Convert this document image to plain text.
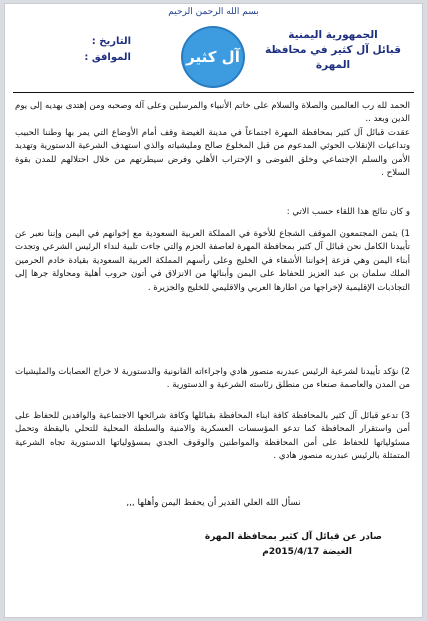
بسم الله الرحمن الرحيم
الجمهورية اليمنية
قبائل آل كثير في محافظة المهرة
آل كثير
التاريخ :
الموافق :
الحمد لله رب العالمين والصلاة والسلام على خاتم الأنبياء والمرسلين وعلى آله وصحبه ومن إهتدى بهديه إلى يوم الدين وبعد ..
عقدت قبائل آل كثير بمحافظة المهرة اجتماعاً في مدينة الغيضة وقف أمام الأوضاع التي يمر بها وطننا الحبيب وتداعيات الإنقلاب الحوثي المدعوم من قبل المخلوع صالح ومليشياته والذي استهدف الشرعية الدستورية وتهديد الأمن والسلم الإجتماعي وخلق الفوضى و الإحتراب الأهلي وفرض سيطرتهم من خلال احتلالهم للمدن بقوة السلاح .
و كان نتائج هذا اللقاء حسب الاتي :
1) يثمن المجتمعون الموقف الشجاع للأخوة في المملكة العربية السعودية مع إخوانهم في اليمن وإننا نعبر عن تأييدنا الكامل نحن قبائل آل كثير بمحافظة المهرة لعاصفة الحزم والتي جاءت تلبية لنداء الرئيس الشرعي وتجدت أبناء اليمن وهي فزعة إخواننا الأشقاء في الخليج وعلى رأسهم المملكة العربية السعودية بقيادة خادم الحرمين الملك سلمان بن عبد العزيز للحفاظ على اليمن وأبنائها من الانزلاق في أتون حروب أهلية ومحاولة جرها إلى التجاذبات الإقليمية لإخراجها من اطارها العربي والاقليمي للخليج والجزيرة .
2) نؤكد تأييدنا لشرعية الرئيس عبدربه منصور هادي واجراءاته القانونية والدستورية لا خراج العصابات والمليشيات من المدن والعاصمة صنعاء من منطلق رئاسته الشرعية و الدستورية .
3) تدعو قبائل آل كثير بالمحافظة كافة ابناء المحافظة بقبائلها وكافة شرائحها الاجتماعية والوافدين للحفاظ على أمن واستقرار المحافظة كما تدعو المؤسسات العسكرية والامنية والسلطة المحلية للتحلي باليقظة وتحمل مسئولياتها للحفاظ على أمن المحافظة والمواطنين والوقوف الجدي بمسؤولياتها الدستورية تجاه الشرعية المتمثلة بالرئيس عبدربه منصور هادي .
نسأل الله العلي القدير أن يحفظ اليمن وأهلها ,,,
صادر عن قبائل آل كثير بمحافظة المهرة
الغيضة 2015/4/17م
